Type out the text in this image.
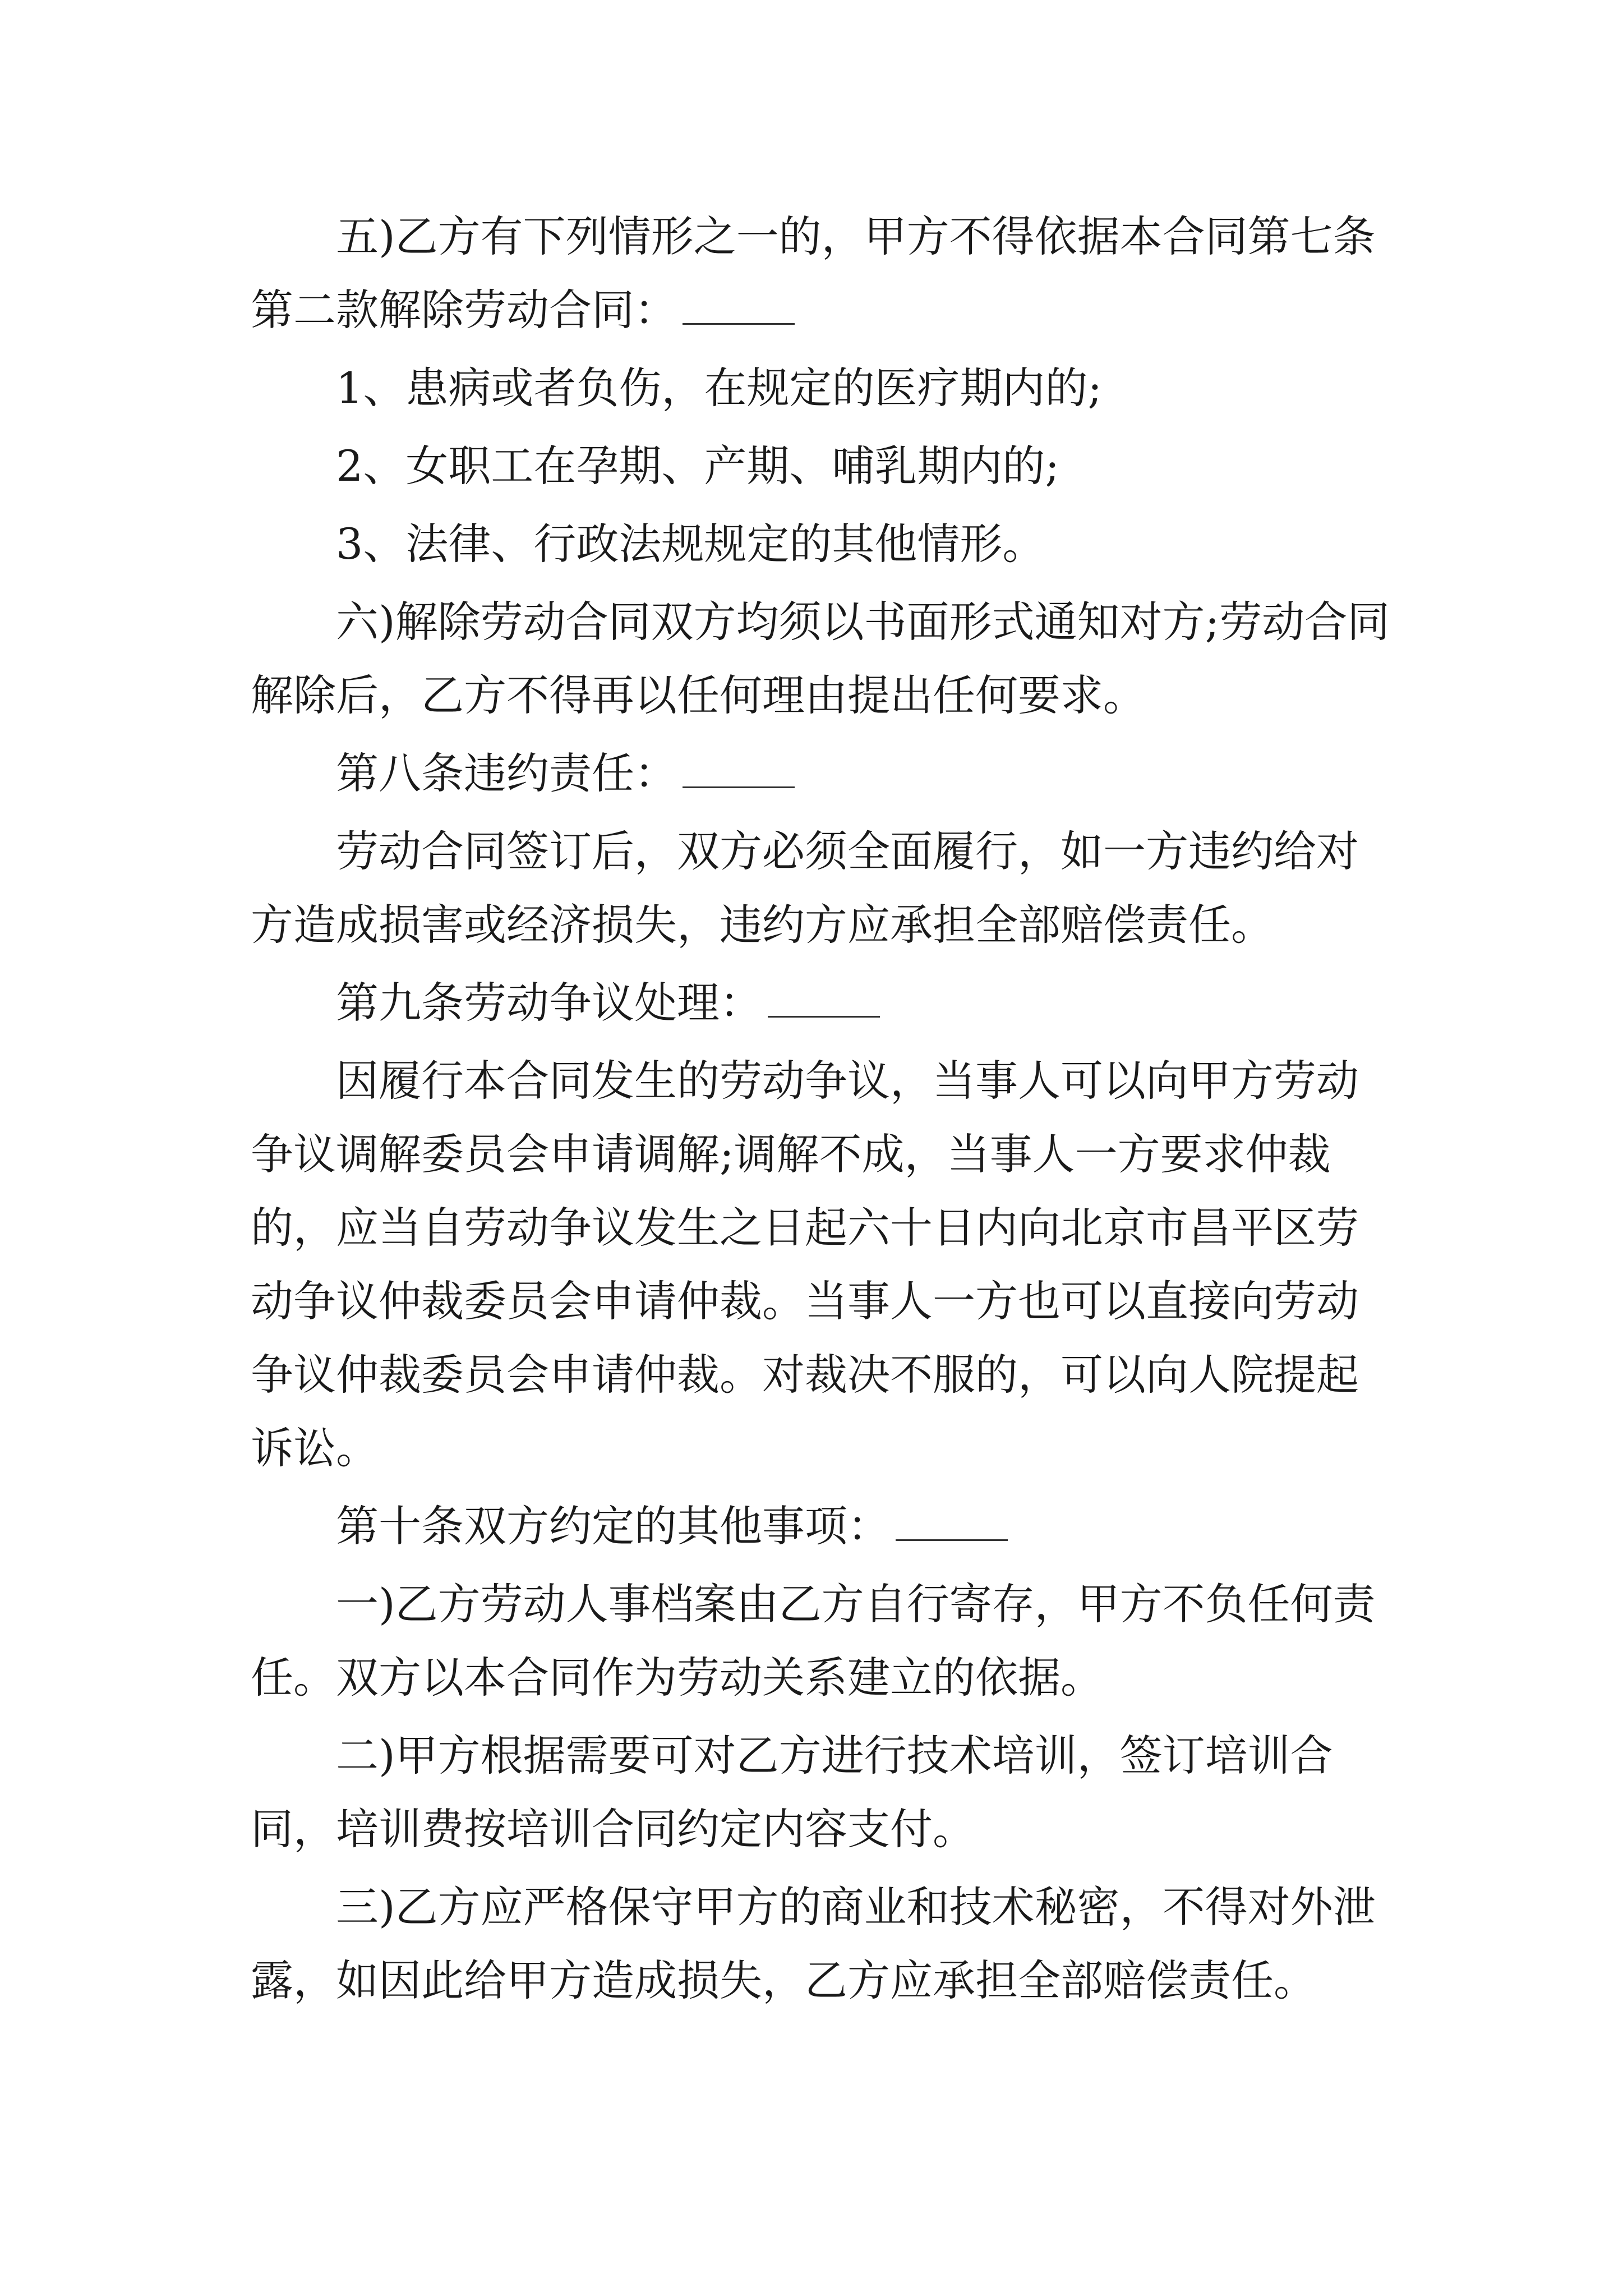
五)乙方有下列情形之一的，甲方不得依据本合同第七条第二款解除劳动合同：

1、患病或者负伤，在规定的医疗期内的;

2、女职工在孕期、产期、哺乳期内的;

3、法律、行政法规规定的其他情形。

六)解除劳动合同双方均须以书面形式通知对方;劳动合同解除后，乙方不得再以任何理由提出任何要求。

第八条违约责任：

劳动合同签订后，双方必须全面履行，如一方违约给对方造成损害或经济损失，违约方应承担全部赔偿责任。

第九条劳动争议处理：

因履行本合同发生的劳动争议，当事人可以向甲方劳动争议调解委员会申请调解;调解不成，当事人一方要求仲裁的，应当自劳动争议发生之日起六十日内向北京市昌平区劳动争议仲裁委员会申请仲裁。当事人一方也可以直接向劳动争议仲裁委员会申请仲裁。对裁决不服的，可以向人院提起诉讼。

第十条双方约定的其他事项：

一)乙方劳动人事档案由乙方自行寄存，甲方不负任何责任。双方以本合同作为劳动关系建立的依据。

二)甲方根据需要可对乙方进行技术培训，签订培训合同，培训费按培训合同约定内容支付。

三)乙方应严格保守甲方的商业和技术秘密，不得对外泄露，如因此给甲方造成损失，乙方应承担全部赔偿责任。
